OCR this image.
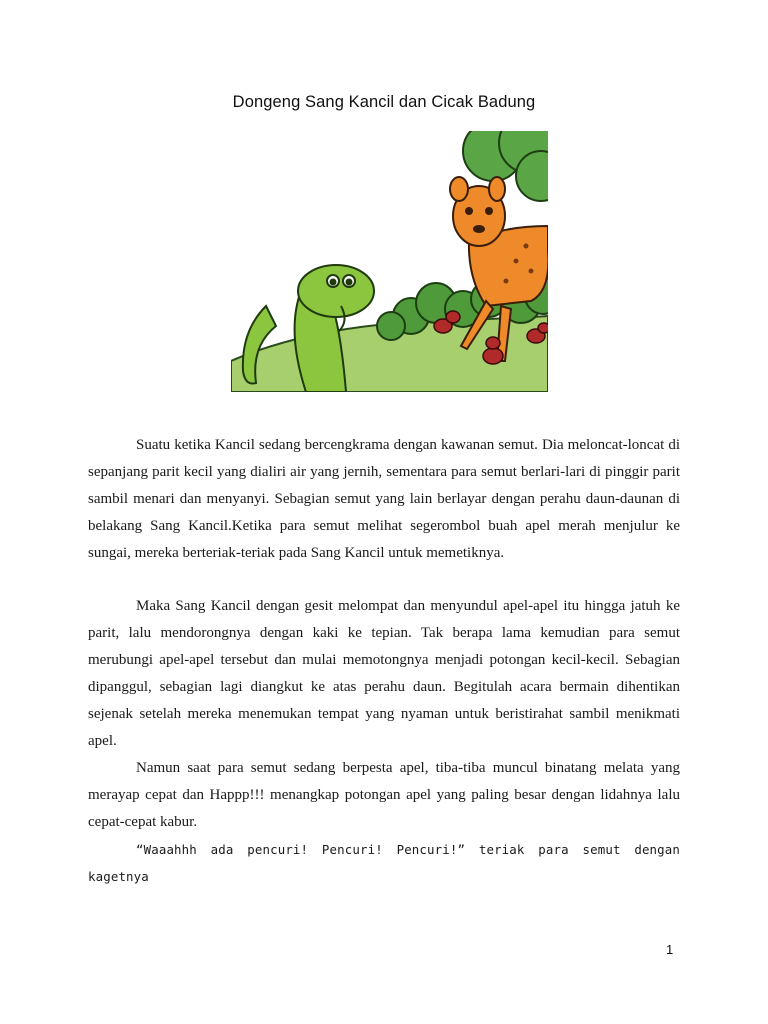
Dongeng Sang Kancil dan Cicak Badung

Suatu ketika Kancil sedang bercengkrama dengan kawanan semut. Dia meloncat-loncat di sepanjang parit kecil yang dialiri air yang jernih, sementara para semut berlari-lari di pinggir parit sambil menari dan menyanyi. Sebagian semut yang lain berlayar dengan perahu daun-daunan di belakang Sang Kancil.Ketika para semut melihat segerombol buah apel merah menjulur ke sungai, mereka berteriak-teriak pada Sang Kancil untuk memetiknya.

Maka Sang Kancil dengan gesit melompat dan menyundul apel-apel itu hingga jatuh ke parit, lalu mendorongnya dengan kaki ke tepian. Tak berapa lama kemudian para semut merubungi apel-apel tersebut dan mulai memotongnya menjadi potongan kecil-kecil. Sebagian dipanggul, sebagian lagi diangkut ke atas perahu daun. Begitulah acara bermain dihentikan sejenak setelah mereka menemukan tempat yang nyaman untuk beristirahat sambil menikmati apel.

Namun saat para semut sedang berpesta apel, tiba-tiba muncul binatang melata yang merayap cepat dan Happp!!! menangkap potongan apel yang paling besar dengan lidahnya lalu cepat-cepat kabur.

“Waaahhh ada pencuri! Pencuri! Pencuri!” teriak para semut dengan kagetnya

1
